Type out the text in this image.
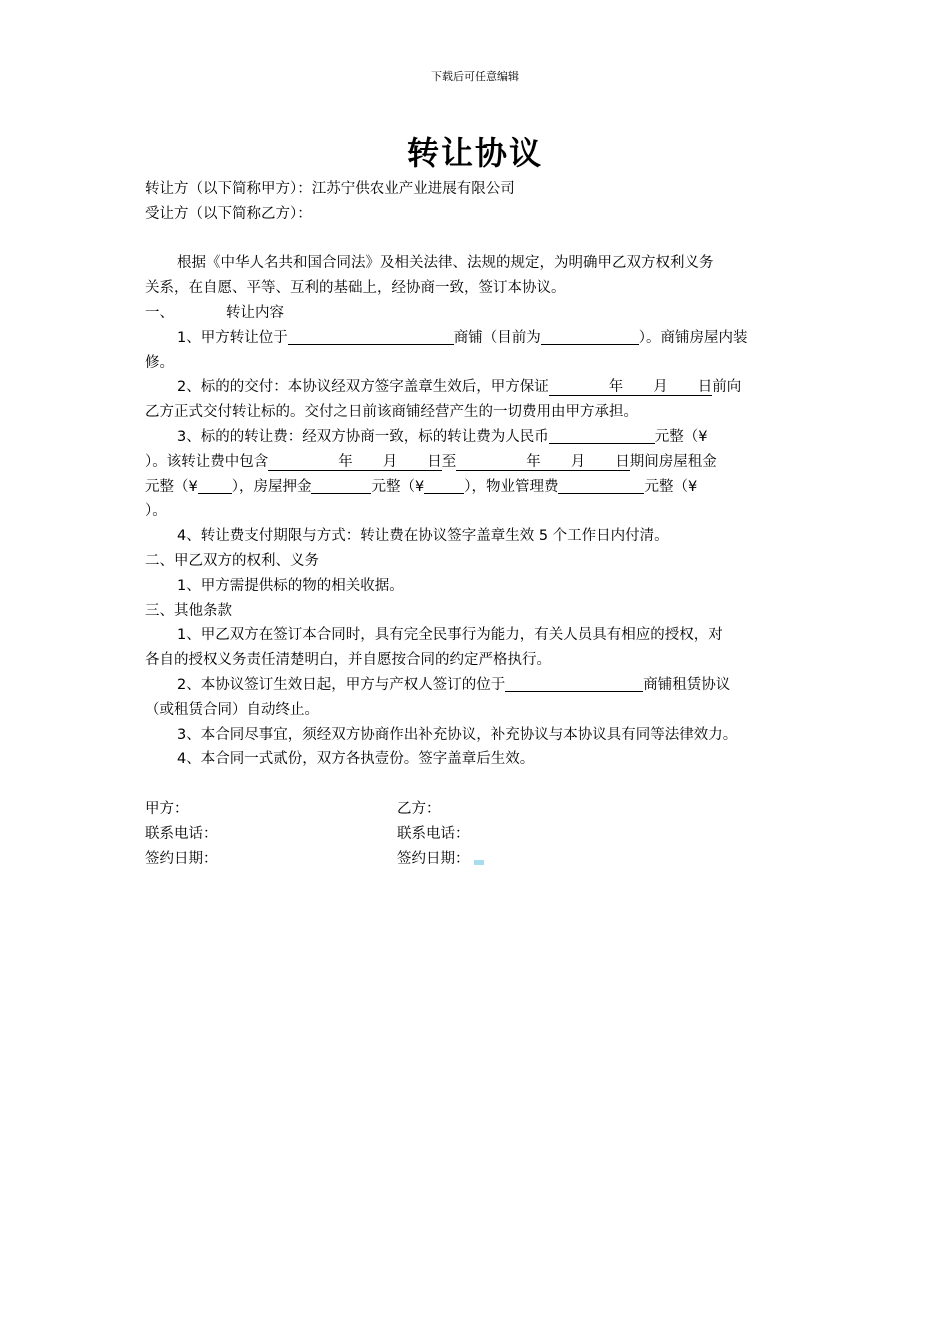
下载后可任意编辑
转让协议
转让方（以下简称甲方）：江苏宁供农业产业进展有限公司
受让方（以下简称乙方）：
根据《中华人名共和国合同法》及相关法律、法规的规定，为明确甲乙双方权利义务
关系，在自愿、平等、互利的基础上，经协商一致，签订本协议。
一、	转让内容
1、甲方转让位于	商铺（目前为	）。商铺房屋内装
修。
2、标的的交付：本协议经双方签字盖章生效后，甲方保证	年 月 日前向
乙方正式交付转让标的。交付之日前该商铺经营产生的一切费用由甲方承担。
3、标的的转让费：经双方协商一致，标的转让费为人民币	元整（¥
）。该转让费中包含	年 月 日至	年 月 日期间房屋租金
元整（¥ ），房屋押金	元整（¥	），物业管理费	元整（¥
）。
4、转让费支付期限与方式：转让费在协议签字盖章生效 5 个工作日内付清。
二、甲乙双方的权利、义务
1、甲方需提供标的物的相关收据。
三、其他条款
1、甲乙双方在签订本合同时，具有完全民事行为能力，有关人员具有相应的授权，对
各自的授权义务责任清楚明白，并自愿按合同的约定严格执行。
2、本协议签订生效日起，甲方与产权人签订的位于	商铺租赁协议
（或租赁合同）自动终止。
3、本合同尽事宜，须经双方协商作出补充协议，补充协议与本协议具有同等法律效力。
4、本合同一式贰份，双方各执壹份。签字盖章后生效。
甲方：	乙方：
联系电话：	联系电话：
签约日期：	签约日期：
